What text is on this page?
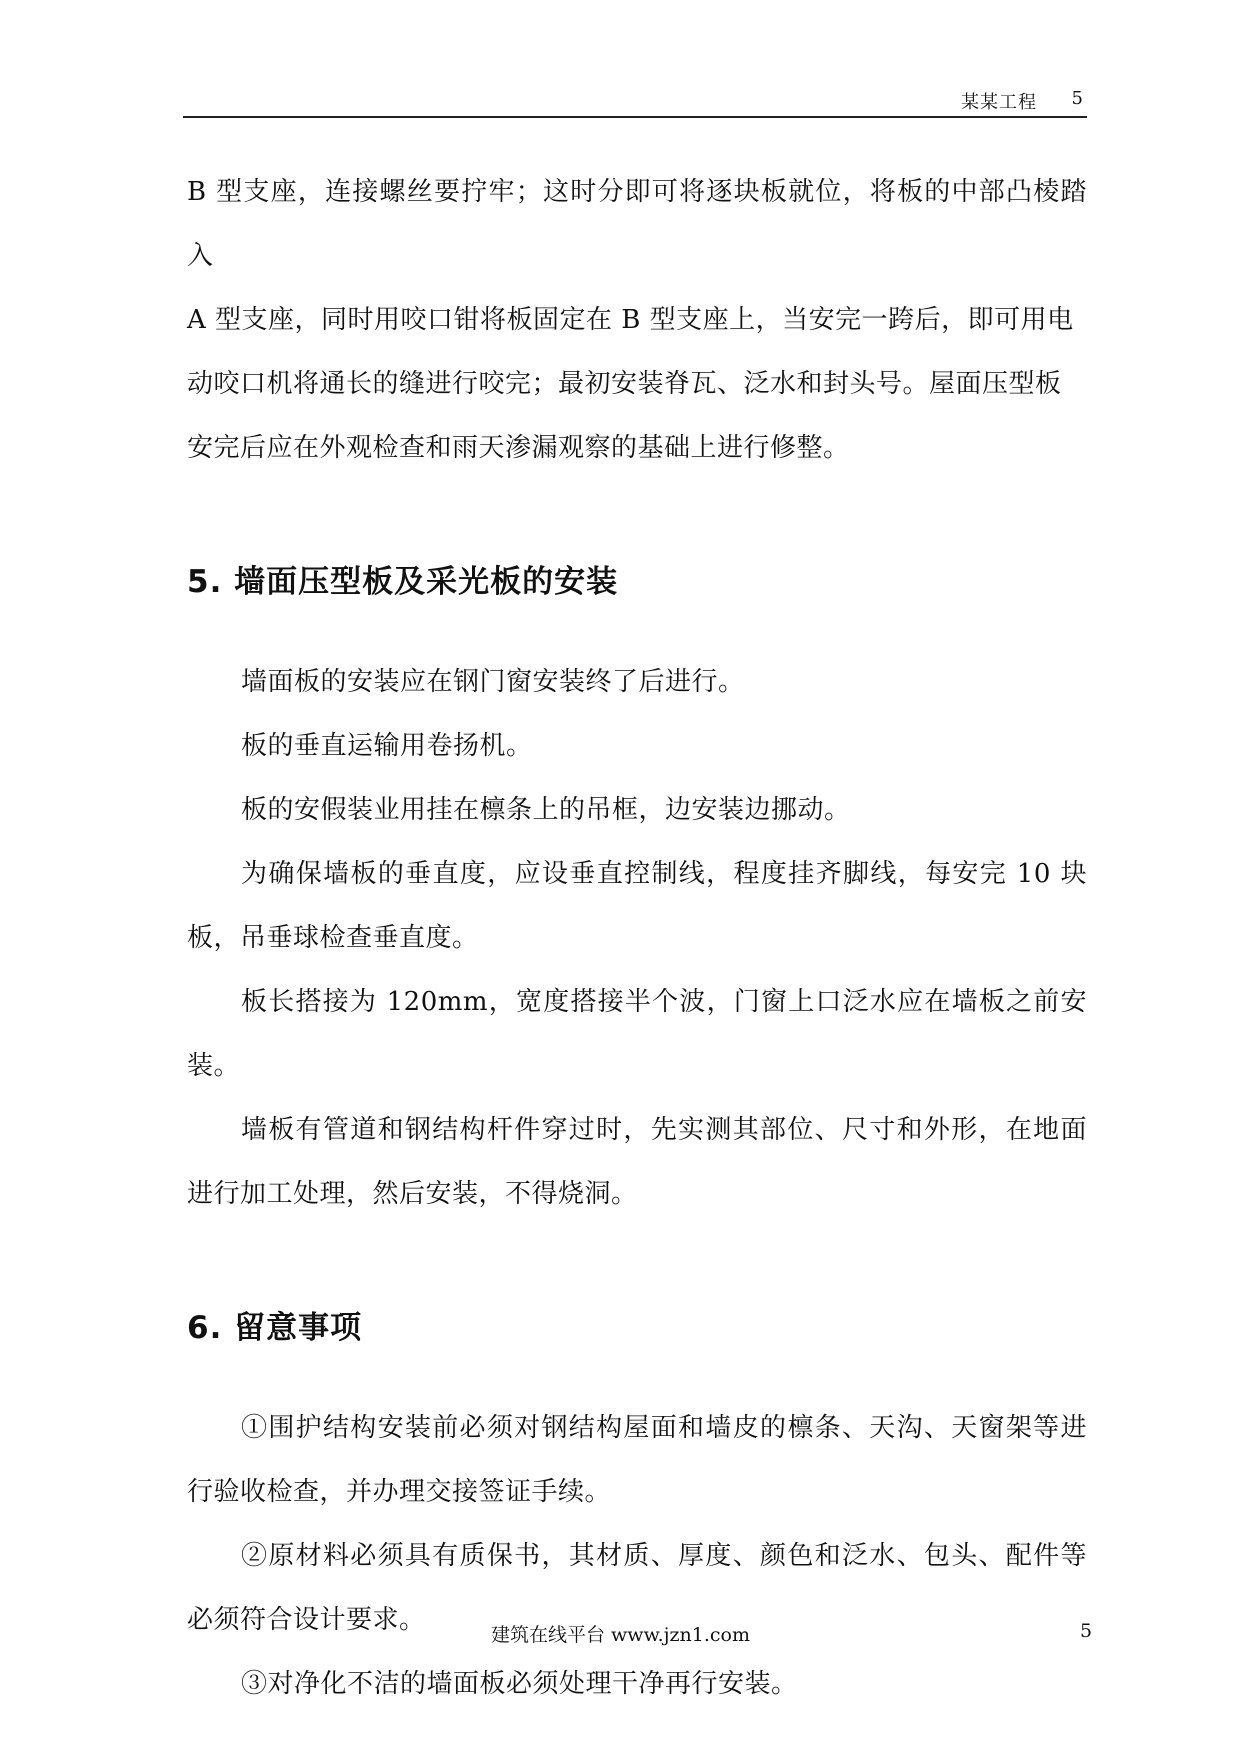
某某工程 5

B 型支座，连接螺丝要拧牢；这时分即可将逐块板就位，将板的中部凸棱踏入

A 型支座，同时用咬口钳将板固定在 B 型支座上，当安完一跨后，即可用电

动咬口机将通长的缝进行咬完；最初安装脊瓦、泛水和封头号。屋面压型板

安完后应在外观检查和雨天渗漏观察的基础上进行修整。

5. 墙面压型板及采光板的安装

墙面板的安装应在钢门窗安装终了后进行。

板的垂直运输用卷扬机。

板的安假装业用挂在檩条上的吊框，边安装边挪动。

为确保墙板的垂直度，应设垂直控制线，程度挂齐脚线，每安完 10 块板，吊垂球检查垂直度。

板长搭接为 120mm，宽度搭接半个波，门窗上口泛水应在墙板之前安装。

墙板有管道和钢结构杆件穿过时，先实测其部位、尺寸和外形，在地面进行加工处理，然后安装，不得烧洞。

6. 留意事项

①围护结构安装前必须对钢结构屋面和墙皮的檩条、天沟、天窗架等进行验收检查，并办理交接签证手续。

②原材料必须具有质保书，其材质、厚度、颜色和泛水、包头、配件等必须符合设计要求。

③对净化不洁的墙面板必须处理干净再行安装。

建筑在线平台 www.jzn1.com	5
